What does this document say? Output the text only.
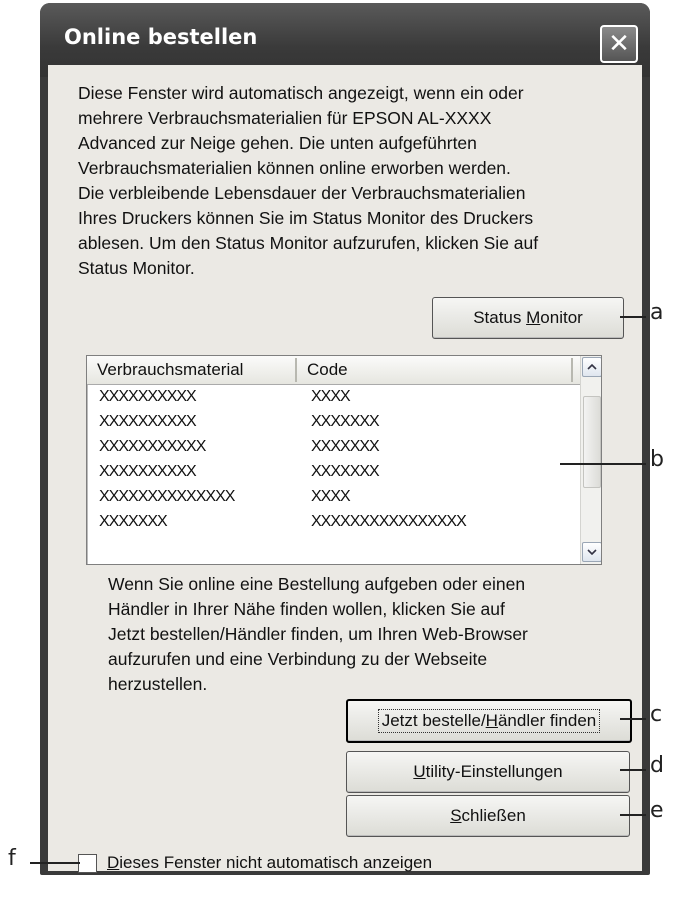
Online bestellen	✕
Diese Fenster wird automatisch angezeigt, wenn ein oder
mehrere Verbrauchsmaterialien für EPSON AL-XXXX
Advanced zur Neige gehen. Die unten aufgeführten
Verbrauchsmaterialien können online erworben werden.
Die verbleibende Lebensdauer der Verbrauchsmaterialien
Ihres Druckers können Sie im Status Monitor des Druckers
ablesen. Um den Status Monitor aufzurufen, klicken Sie auf
Status Monitor.
Status Monitor
Verbrauchsmaterial	Code
XXXXXXXXXX	XXXX
XXXXXXXXXX	XXXXXXX
XXXXXXXXXXX	XXXXXXX
XXXXXXXXXX	XXXXXXX
XXXXXXXXXXXXXX	XXXX
XXXXXXX	XXXXXXXXXXXXXXXX
Wenn Sie online eine Bestellung aufgeben oder einen
Händler in Ihrer Nähe finden wollen, klicken Sie auf
Jetzt bestellen/Händler finden, um Ihren Web-Browser
aufzurufen und eine Verbindung zu der Webseite
herzustellen.
Jetzt bestelle/Händler finden
Utility-Einstellungen
Schließen
Dieses Fenster nicht automatisch anzeigen
a
b
c
d
e
f
